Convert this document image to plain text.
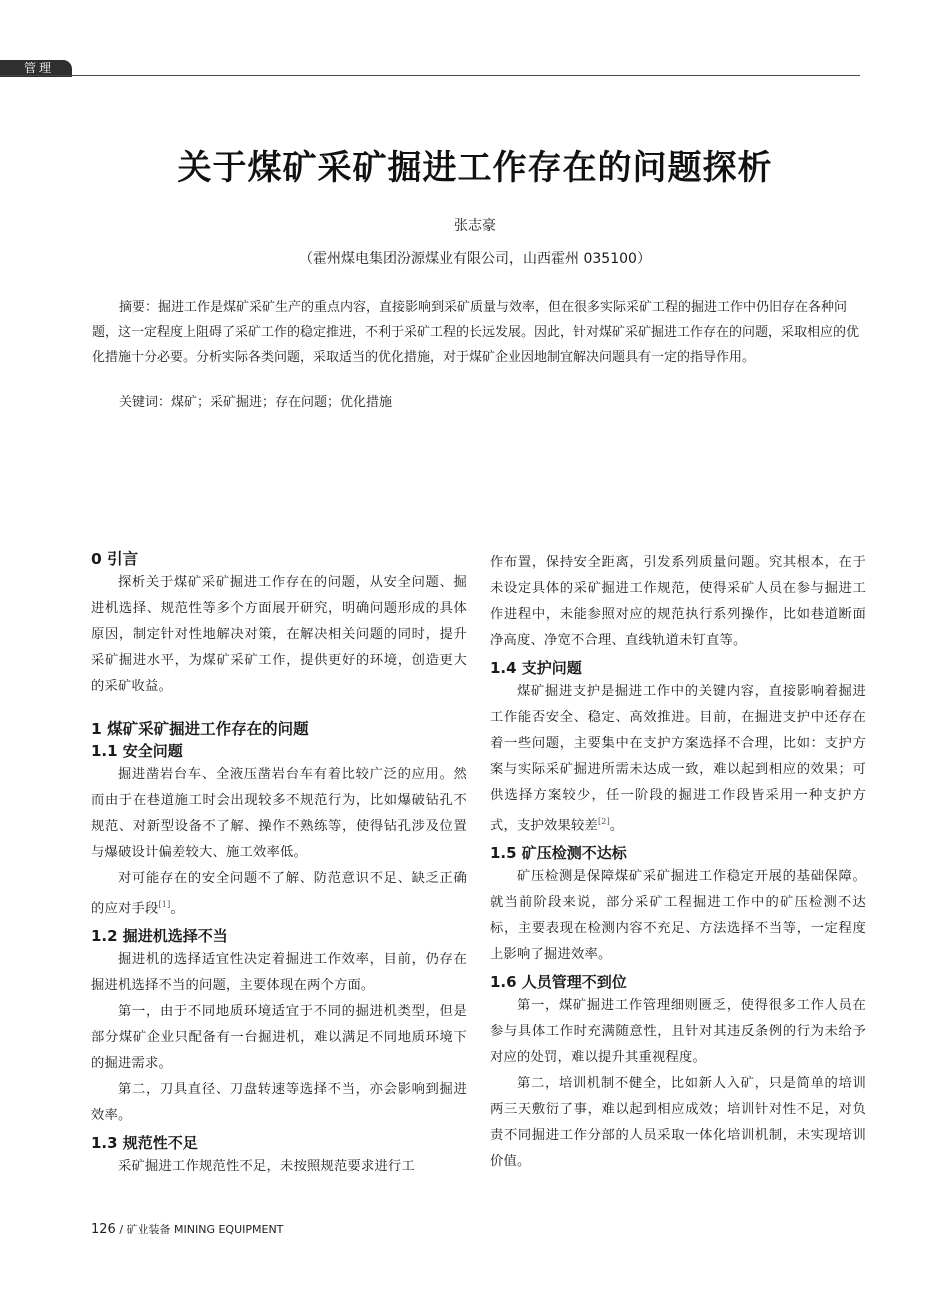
管理
关于煤矿采矿掘进工作存在的问题探析
张志豪
（霍州煤电集团汾源煤业有限公司，山西霍州 035100）

摘要：掘进工作是煤矿采矿生产的重点内容，直接影响到采矿质量与效率，但在很多实际采矿工程的掘进工作中仍旧存在各种问题，这一定程度上阻碍了采矿工作的稳定推进，不利于采矿工程的长远发展。因此，针对煤矿采矿掘进工作存在的问题，采取相应的优化措施十分必要。分析实际各类问题，采取适当的优化措施，对于煤矿企业因地制宜解决问题具有一定的指导作用。

关键词：煤矿；采矿掘进；存在问题；优化措施

0 引言

探析关于煤矿采矿掘进工作存在的问题，从安全问题、掘进机选择、规范性等多个方面展开研究，明确问题形成的具体原因，制定针对性地解决对策，在解决相关问题的同时，提升采矿掘进水平，为煤矿采矿工作，提供更好的环境，创造更大的采矿收益。

1 煤矿采矿掘进工作存在的问题
1.1 安全问题

掘进凿岩台车、全液压凿岩台车有着比较广泛的应用。然而由于在巷道施工时会出现较多不规范行为，比如爆破钻孔不规范、对新型设备不了解、操作不熟练等，使得钻孔涉及位置与爆破设计偏差较大、施工效率低。

对可能存在的安全问题不了解、防范意识不足、缺乏正确的应对手段[1]。

1.2 掘进机选择不当

掘进机的选择适宜性决定着掘进工作效率，目前，仍存在掘进机选择不当的问题，主要体现在两个方面。

第一，由于不同地质环境适宜于不同的掘进机类型，但是部分煤矿企业只配备有一台掘进机，难以满足不同地质环境下的掘进需求。

第二，刀具直径、刀盘转速等选择不当，亦会影响到掘进效率。

1.3 规范性不足

采矿掘进工作规范性不足，未按照规范要求进行工

作布置，保持安全距离，引发系列质量问题。究其根本，在于未设定具体的采矿掘进工作规范，使得采矿人员在参与掘进工作进程中，未能参照对应的规范执行系列操作，比如巷道断面净高度、净宽不合理、直线轨道未钉直等。

1.4 支护问题

煤矿掘进支护是掘进工作中的关键内容，直接影响着掘进工作能否安全、稳定、高效推进。目前，在掘进支护中还存在着一些问题，主要集中在支护方案选择不合理，比如：支护方案与实际采矿掘进所需未达成一致，难以起到相应的效果；可供选择方案较少，任一阶段的掘进工作段皆采用一种支护方式，支护效果较差[2]。

1.5 矿压检测不达标

矿压检测是保障煤矿采矿掘进工作稳定开展的基础保障。就当前阶段来说，部分采矿工程掘进工作中的矿压检测不达标，主要表现在检测内容不充足、方法选择不当等，一定程度上影响了掘进效率。

1.6 人员管理不到位

第一，煤矿掘进工作管理细则匮乏，使得很多工作人员在参与具体工作时充满随意性，且针对其违反条例的行为未给予对应的处罚，难以提升其重视程度。

第二，培训机制不健全，比如新人入矿，只是简单的培训两三天敷衍了事，难以起到相应成效；培训针对性不足，对负责不同掘进工作分部的人员采取一体化培训机制，未实现培训价值。

126 / 矿业装备 MINING EQUIPMENT
